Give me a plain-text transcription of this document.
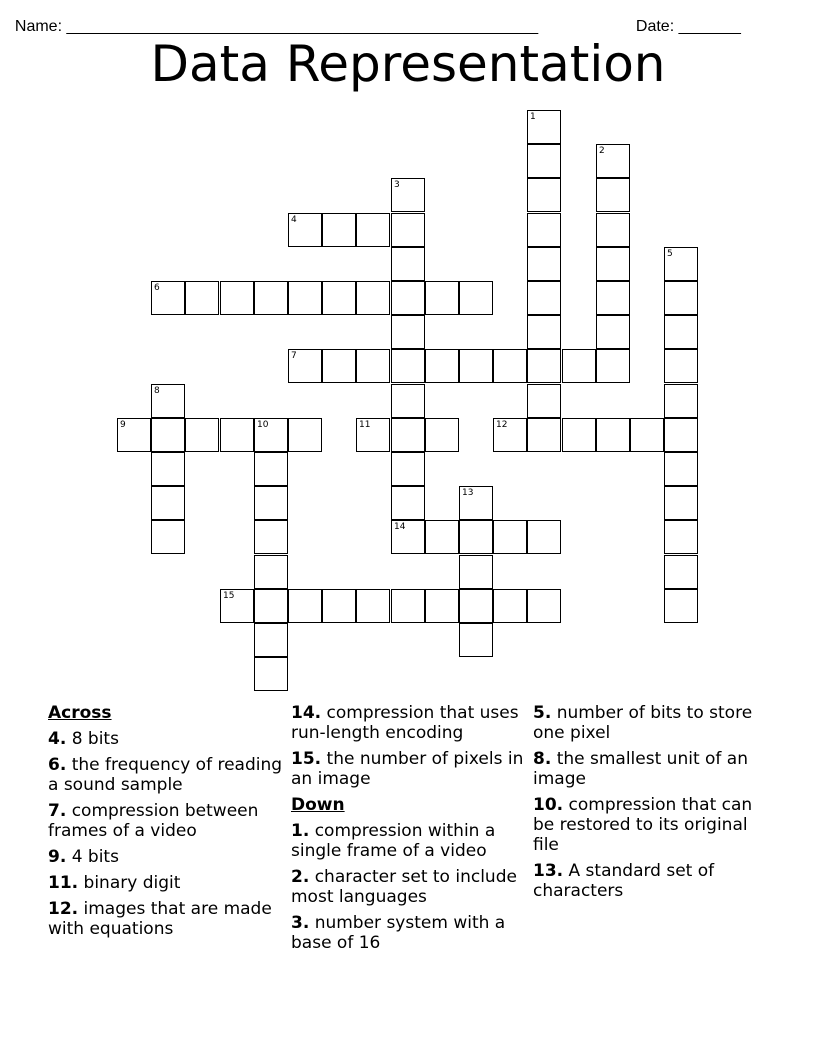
Name: _____________________________________________________	Date: _______

Data Representation
1
2
3
14
4
5
6
7
8
9	10	11	12
13
15
Across
4. 8 bits
6. the frequency of reading a sound sample
7. compression between frames of a video
9. 4 bits
11. binary digit
12. images that are made with equations
14. compression that uses run-length encoding
15. the number of pixels in an image
Down
1. compression within a single frame of a video
2. character set to include most languages
3. number system with a base of 16
5. number of bits to store one pixel
8. the smallest unit of an image
10. compression that can be restored to its original file
13. A standard set of characters
